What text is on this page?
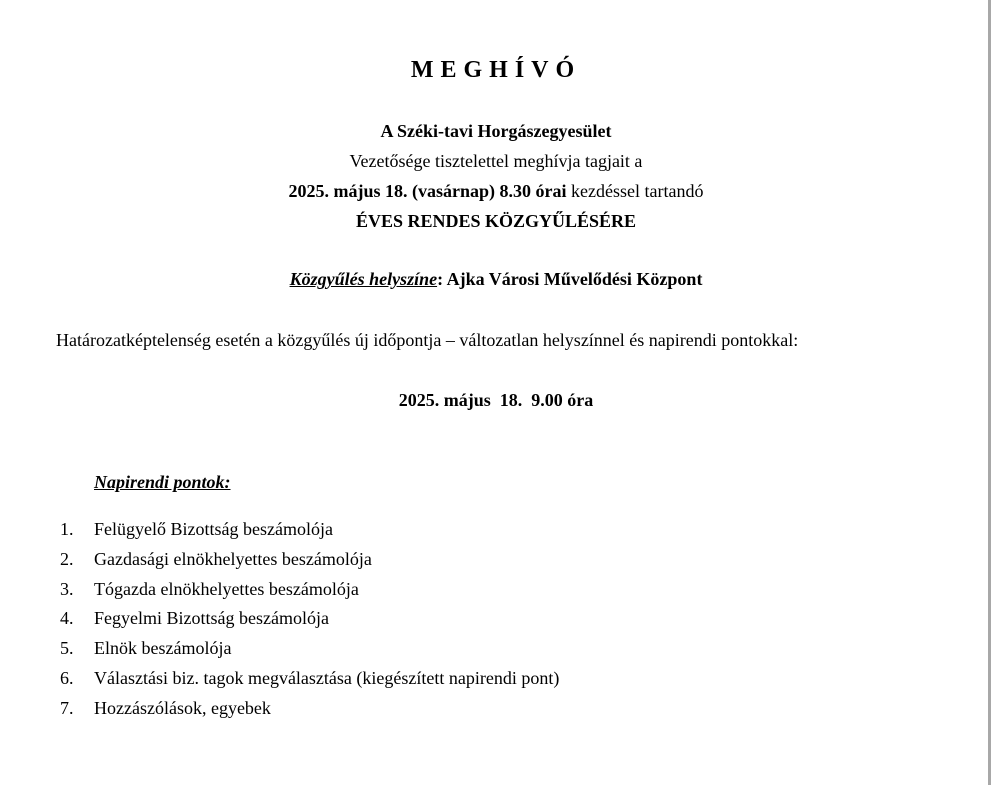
MEGHÍVÓ

A Széki-tavi Horgászegyesület

Vezetősége tisztelettel meghívja tagjait a

2025. május 18. (vasárnap) 8.30 órai kezdéssel tartandó

ÉVES RENDES KÖZGYŰLÉSÉRE

Közgyűlés helyszíne: Ajka Városi Művelődési Központ

Határozatképtelenség esetén a közgyűlés új időpontja – változatlan helyszínnel és napirendi pontokkal:

2025. május  18.  9.00 óra

Napirendi pontok:

1.	Felügyelő Bizottság beszámolója
2.	Gazdasági elnökhelyettes beszámolója
3.	Tógazda elnökhelyettes beszámolója
4.	Fegyelmi Bizottság beszámolója
5.	Elnök beszámolója
6.	Választási biz. tagok megválasztása (kiegészített napirendi pont)
7.	Hozzászólások, egyebek
